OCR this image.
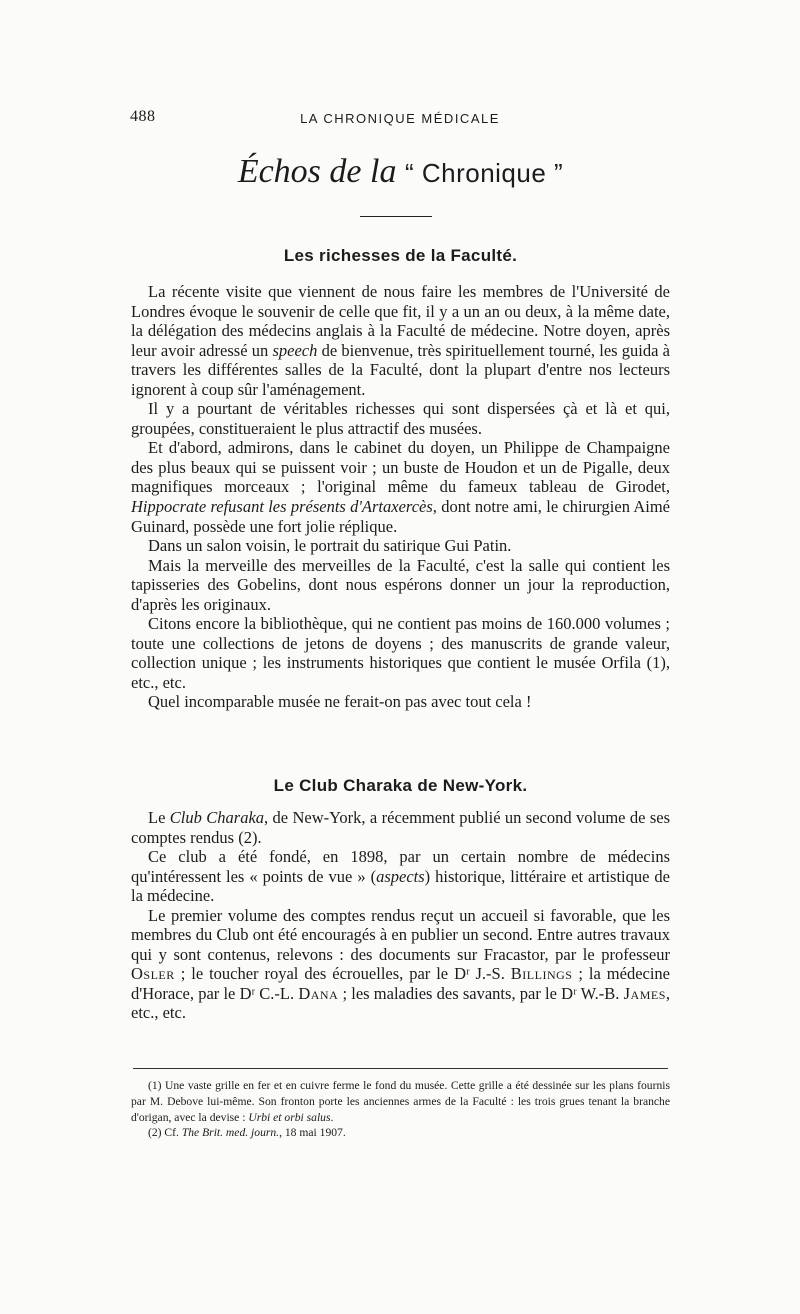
488	LA CHRONIQUE MÉDICALE
Échos de la “ Chronique ”
Les richesses de la Faculté.

La récente visite que viennent de nous faire les membres de l'Université de Londres évoque le souvenir de celle que fit, il y a un an ou deux, à la même date, la délégation des médecins anglais à la Faculté de médecine. Notre doyen, après leur avoir adressé un speech de bienvenue, très spirituellement tourné, les guida à travers les différentes salles de la Faculté, dont la plupart d'entre nos lecteurs ignorent à coup sûr l'aménagement.

Il y a pourtant de véritables richesses qui sont dispersées çà et là et qui, groupées, constitueraient le plus attractif des musées.

Et d'abord, admirons, dans le cabinet du doyen, un Philippe de Champaigne des plus beaux qui se puissent voir ; un buste de Houdon et un de Pigalle, deux magnifiques morceaux ; l'original même du fameux tableau de Girodet, Hippocrate refusant les présents d'Artaxercès, dont notre ami, le chirurgien Aimé Guinard, possède une fort jolie réplique.

Dans un salon voisin, le portrait du satirique Gui Patin.

Mais la merveille des merveilles de la Faculté, c'est la salle qui contient les tapisseries des Gobelins, dont nous espérons donner un jour la reproduction, d'après les originaux.

Citons encore la bibliothèque, qui ne contient pas moins de 160.000 volumes ; toute une collections de jetons de doyens ; des manuscrits de grande valeur, collection unique ; les instruments historiques que contient le musée Orfila (1), etc., etc.

Quel incomparable musée ne ferait-on pas avec tout cela !

Le Club Charaka de New-York.

Le Club Charaka, de New-York, a récemment publié un second volume de ses comptes rendus (2).

Ce club a été fondé, en 1898, par un certain nombre de médecins qu'intéressent les « points de vue » (aspects) historique, littéraire et artistique de la médecine.

Le premier volume des comptes rendus reçut un accueil si favorable, que les membres du Club ont été encouragés à en publier un second. Entre autres travaux qui y sont contenus, relevons : des documents sur Fracastor, par le professeur Osler ; le toucher royal des écrouelles, par le Dʳ J.-S. Billings ; la médecine d'Horace, par le Dʳ C.-L. Dana ; les maladies des savants, par le Dʳ W.-B. James, etc., etc.

(1) Une vaste grille en fer et en cuivre ferme le fond du musée. Cette grille a été dessinée sur les plans fournis par M. Debove lui-même. Son fronton porte les anciennes armes de la Faculté : les trois grues tenant la branche d'origan, avec la devise : Urbi et orbi salus.

(2) Cf. The Brit. med. journ., 18 mai 1907.
